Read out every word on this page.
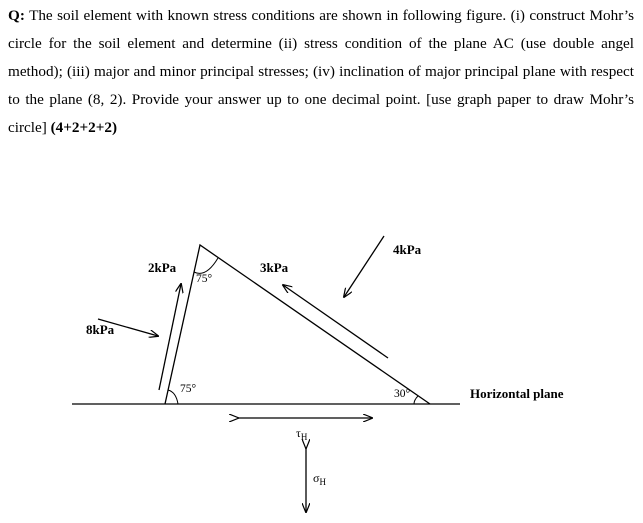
Q: The soil element with known stress conditions are shown in following figure. (i) construct Mohr’s circle for the soil element and determine (ii) stress condition of the plane AC (use double angel method); (iii) major and minor principal stresses; (iv) inclination of major principal plane with respect to the plane (8, 2). Provide your answer up to one decimal point. [use graph paper to draw Mohr’s circle] (4+2+2+2)
8kPa
2kPa	3kPa
4kPa
75°
75°	30°	Horizontal plane
$\tau_H$
$\sigma_H$
